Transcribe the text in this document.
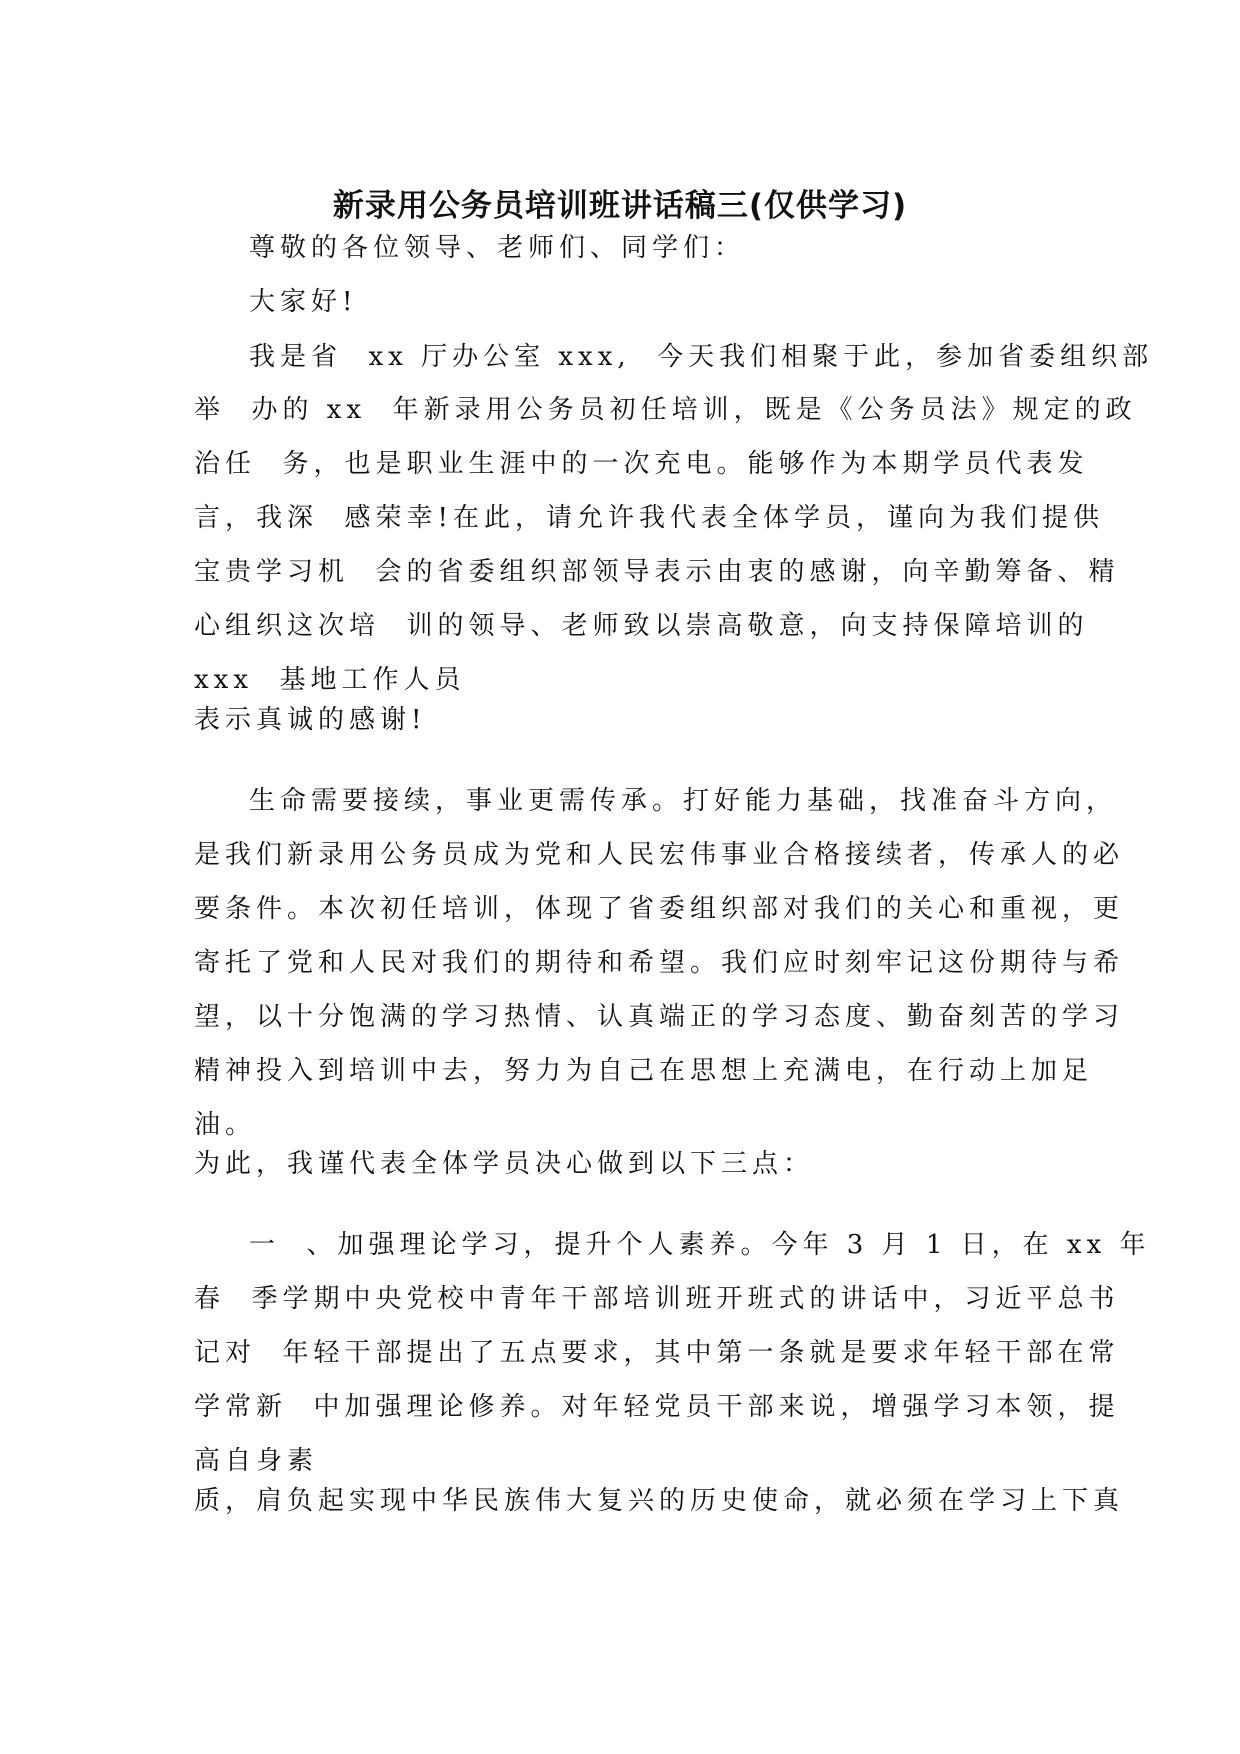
新录用公务员培训班讲话稿三(仅供学习)
尊敬的各位领导、老师们、同学们：
大家好!
我是省  xx 厅办公室 xxx,  今天我们相聚于此，参加省委组织部
举  办的 xx  年新录用公务员初任培训，既是《公务员法》规定的政
治任  务，也是职业生涯中的一次充电。能够作为本期学员代表发
言，我深  感荣幸!在此，请允许我代表全体学员，谨向为我们提供
宝贵学习机  会的省委组织部领导表示由衷的感谢，向辛勤筹备、精
心组织这次培  训的领导、老师致以崇高敬意，向支持保障培训的
xxx  基地工作人员
表示真诚的感谢!
生命需要接续，事业更需传承。打好能力基础，找准奋斗方向，
是我们新录用公务员成为党和人民宏伟事业合格接续者，传承人的必
要条件。本次初任培训，体现了省委组织部对我们的关心和重视，更
寄托了党和人民对我们的期待和希望。我们应时刻牢记这份期待与希
望，以十分饱满的学习热情、认真端正的学习态度、勤奋刻苦的学习
精神投入到培训中去，努力为自己在思想上充满电，在行动上加足
油。
为此，我谨代表全体学员决心做到以下三点：
一  、加强理论学习，提升个人素养。今年 3 月 1 日，在 xx 年
春  季学期中央党校中青年干部培训班开班式的讲话中，习近平总书
记对  年轻干部提出了五点要求，其中第一条就是要求年轻干部在常
学常新  中加强理论修养。对年轻党员干部来说，增强学习本领，提
高自身素
质，肩负起实现中华民族伟大复兴的历史使命，就必须在学习上下真
